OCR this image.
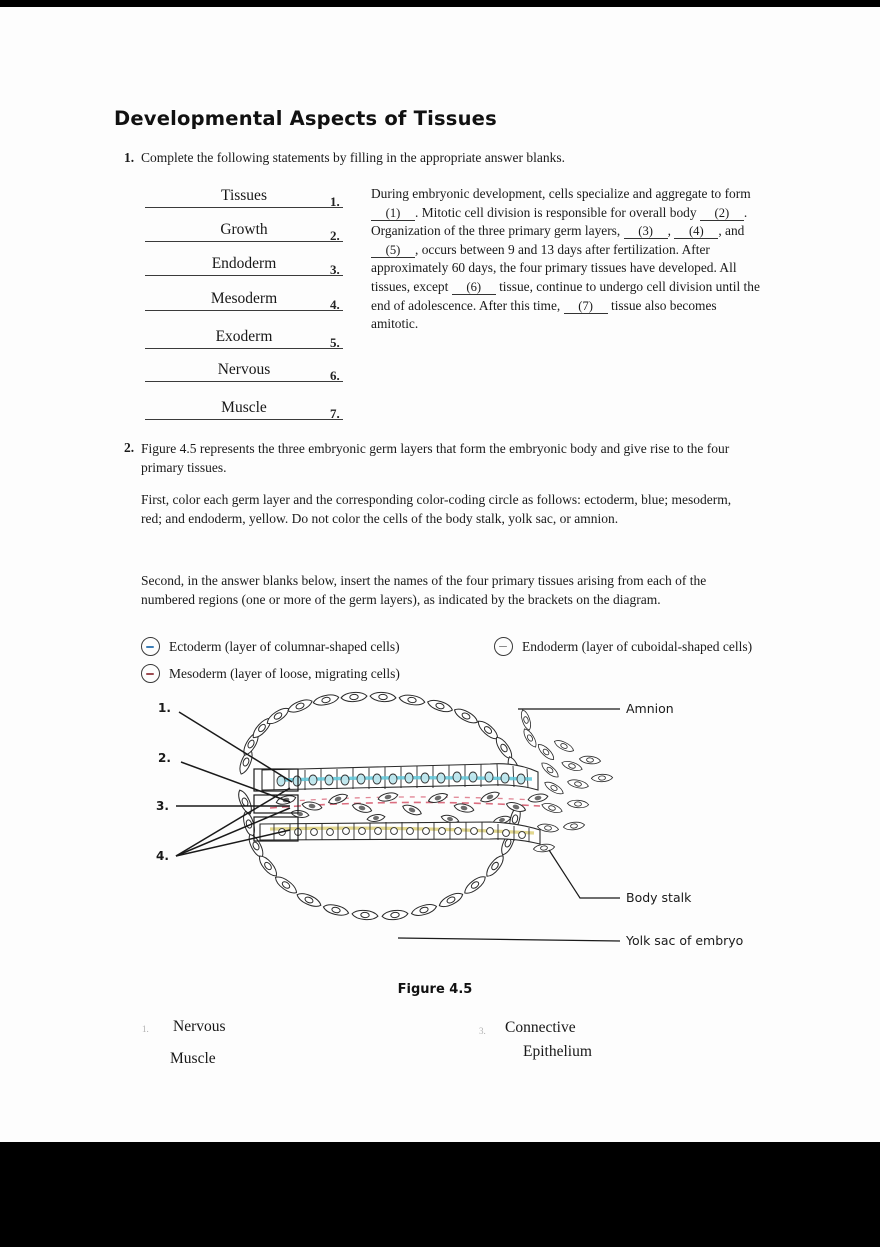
Developmental Aspects of Tissues
1. Complete the following statements by filling in the appropriate answer blanks.
Tissues	1.
Growth	2.
Endoderm	3.
Mesoderm	4.
Exoderm	5.
Nervous	6.
Muscle	7.
During embryonic development, cells specialize and aggregate to form (1) . Mitotic cell division is responsible for overall body (2) . Organization of the three primary germ layers, (3) , (4) , and (5) , occurs between 9 and 13 days after fertilization. After approximately 60 days, the four primary tissues have developed. All tissues, except (6) tissue, continue to undergo cell division until the end of adolescence. After this time, (7) tissue also becomes amitotic.
2. Figure 4.5 represents the three embryonic germ layers that form the embryonic body and give rise to the four primary tissues.
First, color each germ layer and the corresponding color-coding circle as follows: ectoderm, blue; mesoderm, red; and endoderm, yellow. Do not color the cells of the body stalk, yolk sac, or amnion.
Second, in the answer blanks below, insert the names of the four primary tissues arising from each of the numbered regions (one or more of the germ layers), as indicated by the brackets on the diagram.
Ectoderm (layer of columnar-shaped cells)
Mesoderm (layer of loose, migrating cells)
Endoderm (layer of cuboidal-shaped cells)
1.
2.
3.
4.
Amnion
Body stalk
Yolk sac of embryo
Figure 4.5
1. Nervous
Muscle
3. Connective
Epithelium
